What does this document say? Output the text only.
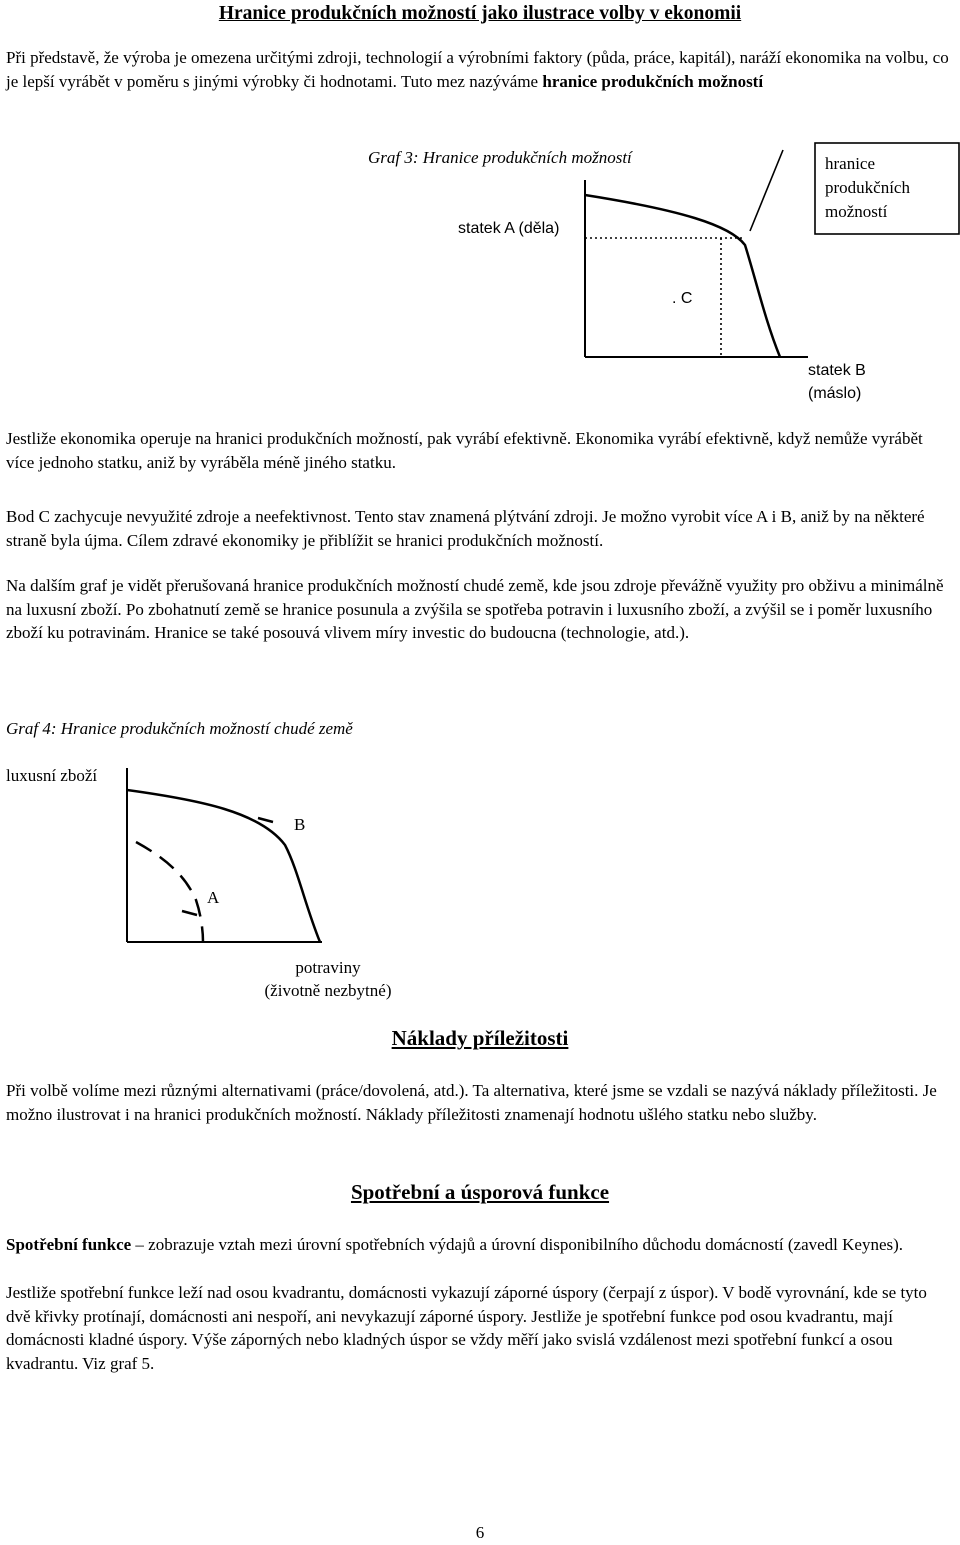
Hranice produkčních možností jako ilustrace volby v ekonomii
Při představě, že výroba je omezena určitými zdroji, technologií a výrobními faktory (půda, práce, kapitál), naráží ekonomika na volbu, co je lepší vyrábět v poměru s jinými výrobky či hodnotami. Tuto mez nazýváme hranice produkčních možností
Graf 3: Hranice produkčních možností
statek A (děla)
hranice
produkčních
možností
. C
statek B
(máslo)
Jestliže ekonomika operuje na hranici produkčních možností, pak vyrábí efektivně. Ekonomika vyrábí efektivně, když nemůže vyrábět více jednoho statku, aniž by vyráběla méně jiného statku.
Bod C zachycuje nevyužité zdroje a neefektivnost. Tento stav znamená plýtvání zdroji. Je možno vyrobit více A i B, aniž by na některé straně byla újma. Cílem zdravé ekonomiky je přiblížit se hranici produkčních možností.
Na dalším graf je vidět přerušovaná hranice produkčních možností chudé země, kde jsou zdroje převážně využity pro obživu a minimálně na luxusní zboží. Po zbohatnutí země se hranice posunula a zvýšila se spotřeba potravin i luxusního zboží, a zvýšil se i poměr luxusního zboží ku potravinám. Hranice se také posouvá vlivem míry investic do budoucna (technologie, atd.).
Graf 4: Hranice produkčních možností chudé země
luxusní zboží
B
A
potraviny
(životně nezbytné)
Náklady příležitosti
Při volbě volíme mezi různými alternativami (práce/dovolená, atd.). Ta alternativa, které jsme se vzdali se nazývá náklady příležitosti. Je možno ilustrovat i na hranici produkčních možností. Náklady příležitosti znamenají hodnotu ušlého statku nebo služby.
Spotřební a úsporová funkce
Spotřební funkce – zobrazuje vztah mezi úrovní spotřebních výdajů a úrovní disponibilního důchodu domácností (zavedl Keynes).
Jestliže spotřební funkce leží nad osou kvadrantu, domácnosti vykazují záporné úspory (čerpají z úspor). V bodě vyrovnání, kde se tyto dvě křivky protínají, domácnosti ani nespoří, ani nevykazují záporné úspory. Jestliže je spotřební funkce pod osou kvadrantu, mají domácnosti kladné úspory. Výše záporných nebo kladných úspor se vždy měří jako svislá vzdálenost mezi spotřební funkcí a osou kvadrantu. Viz graf 5.
6
